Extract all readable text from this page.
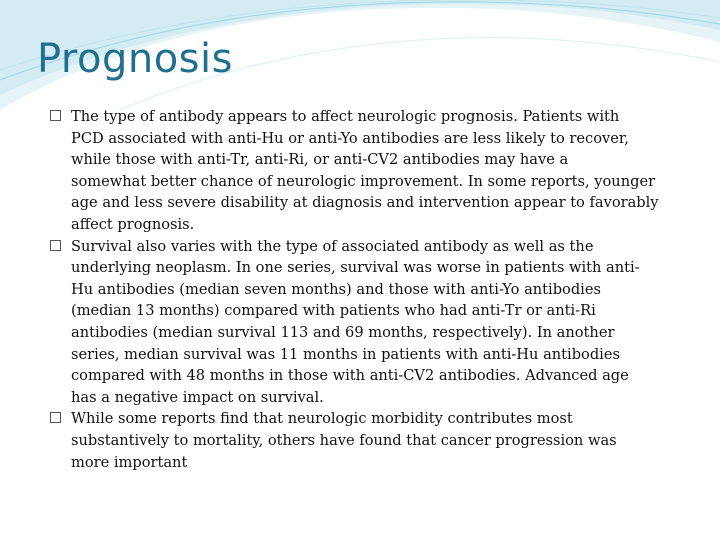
Prognosis

The type of antibody appears to affect neurologic prognosis. Patients with
PCD associated with anti-Hu or anti-Yo antibodies are less likely to recover,
while those with anti-Tr, anti-Ri, or anti-CV2 antibodies may have a
somewhat better chance of neurologic improvement. In some reports, younger
age and less severe disability at diagnosis and intervention appear to favorably
affect prognosis.

Survival also varies with the type of associated antibody as well as the
underlying neoplasm. In one series, survival was worse in patients with anti-
Hu antibodies (median seven months) and those with anti-Yo antibodies
(median 13 months) compared with patients who had anti-Tr or anti-Ri
antibodies (median survival 113 and 69 months, respectively). In another
series, median survival was 11 months in patients with anti-Hu antibodies
compared with 48 months in those with anti-CV2 antibodies. Advanced age
has a negative impact on survival.

While some reports find that neurologic morbidity contributes most
substantively to mortality, others have found that cancer progression was
more important
